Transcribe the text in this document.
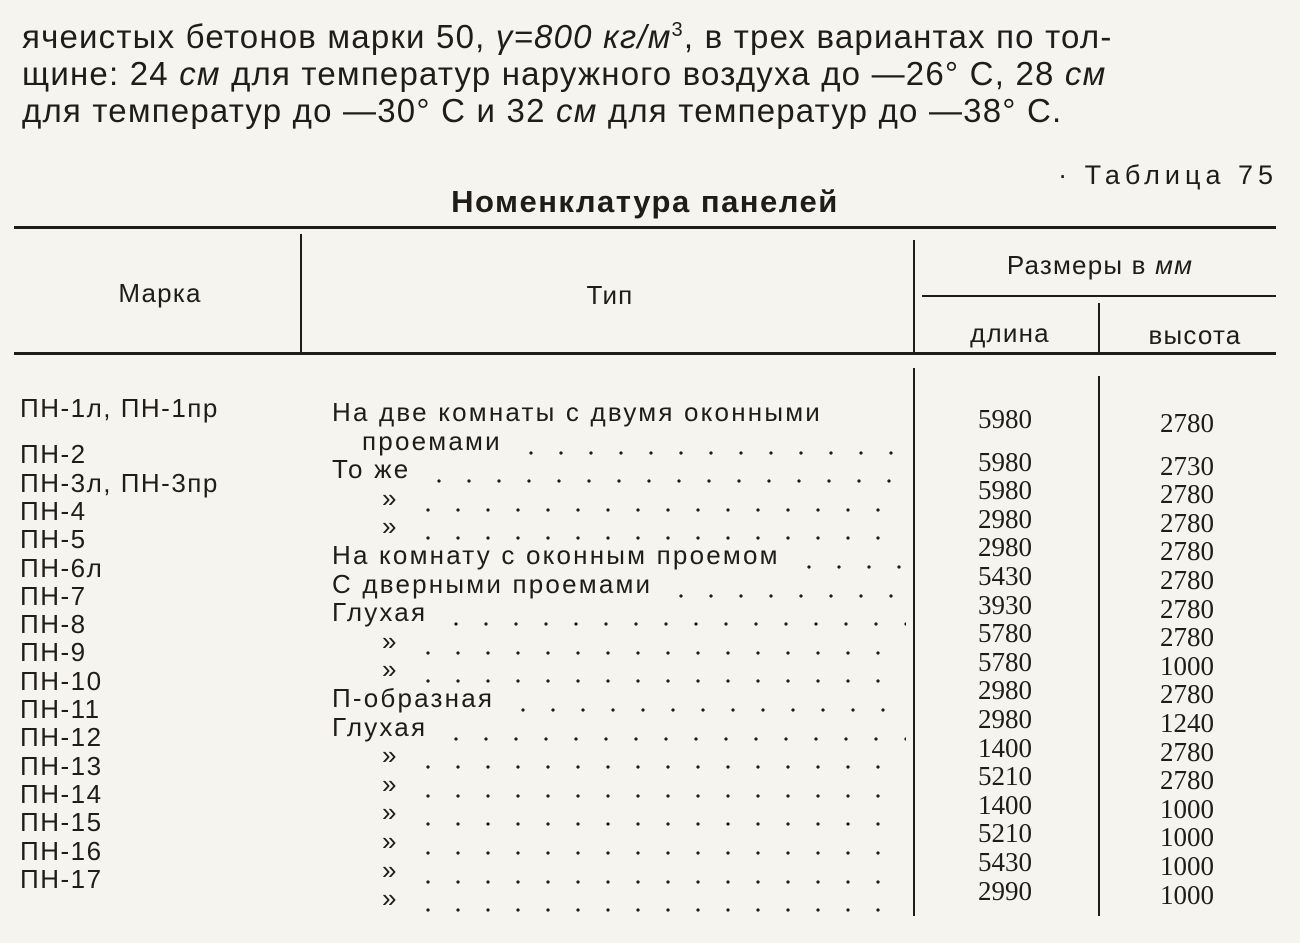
ячеистых бетонов марки 50, γ=800 $кг/м^3$, в трех вариантах по тол-
щине: 24 см для температур наружного воздуха до —26° С, 28 см
для температур до —30° С и 32 см для температур до —38° С.
· Таблица 75
Номенклатура панелей
Марка	Тип
Размеры в мм
длина	высота
ПН-1л, ПН-1пр
ПН-2
ПН-3л, ПН-3пр
ПН-4
ПН-5
ПН-6л
ПН-7
ПН-8
ПН-9
ПН-10
ПН-11
ПН-12
ПН-13
ПН-14
ПН-15
ПН-16
ПН-17
На две комнаты с двумя оконными
проемами
То же
»
»
На комнату с оконным проемом
С дверными проемами
Глухая
»
»
П-образная
Глухая
»
»
»
»
»
»
5980
5980
5980
2980
2980
5430
3930
5780
5780
2980
2980
1400
5210
1400
5210
5430
2990
2780
2730
2780
2780
2780
2780
2780
2780
1000
2780
1240
2780
2780
1000
1000
1000
1000
